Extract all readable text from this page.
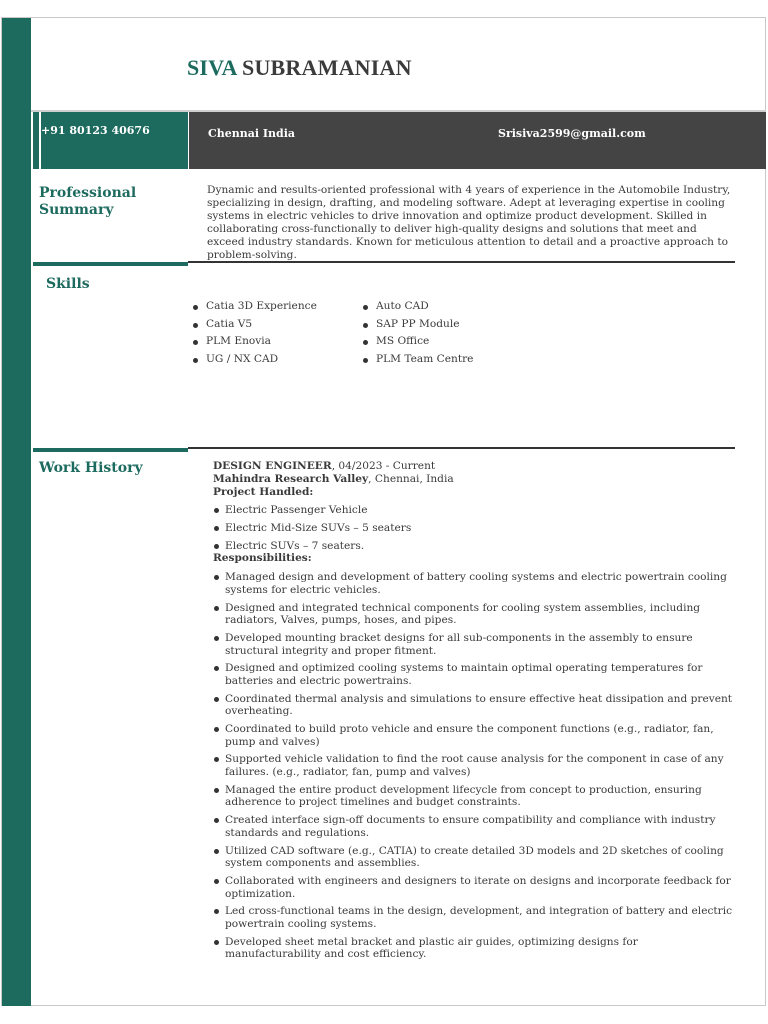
SIVA SUBRAMANIAN
+91 80123 40676	Chennai India	Srisiva2599@gmail.com
Professional
Summary
Dynamic and results-oriented professional with 4 years of experience in the Automobile Industry, specializing in design, drafting, and modeling software. Adept at leveraging expertise in cooling systems in electric vehicles to drive innovation and optimize product development. Skilled in collaborating cross-functionally to deliver high-quality designs and solutions that meet and exceed industry standards. Known for meticulous attention to detail and a proactive approach to problem-solving.
Skills
Catia 3D Experience
Catia V5
PLM Enovia
UG / NX CAD
Auto CAD
SAP PP Module
MS Office
PLM Team Centre
Work History	DESIGN ENGINEER, 04/2023 - Current
Mahindra Research Valley, Chennai, India
Project Handled:
Electric Passenger Vehicle
Electric Mid-Size SUVs – 5 seaters
Electric SUVs – 7 seaters.
Responsibilities:
Managed design and development of battery cooling systems and electric powertrain cooling systems for electric vehicles.
Designed and integrated technical components for cooling system assemblies, including radiators, Valves, pumps, hoses, and pipes.
Developed mounting bracket designs for all sub-components in the assembly to ensure structural integrity and proper fitment.
Designed and optimized cooling systems to maintain optimal operating temperatures for batteries and electric powertrains.
Coordinated thermal analysis and simulations to ensure effective heat dissipation and prevent overheating.
Coordinated to build proto vehicle and ensure the component functions (e.g., radiator, fan, pump and valves)
Supported vehicle validation to find the root cause analysis for the component in case of any failures. (e.g., radiator, fan, pump and valves)
Managed the entire product development lifecycle from concept to production, ensuring adherence to project timelines and budget constraints.
Created interface sign-off documents to ensure compatibility and compliance with industry standards and regulations.
Utilized CAD software (e.g., CATIA) to create detailed 3D models and 2D sketches of cooling system components and assemblies.
Collaborated with engineers and designers to iterate on designs and incorporate feedback for optimization.
Led cross-functional teams in the design, development, and integration of battery and electric powertrain cooling systems.
Developed sheet metal bracket and plastic air guides, optimizing designs for manufacturability and cost efficiency.
